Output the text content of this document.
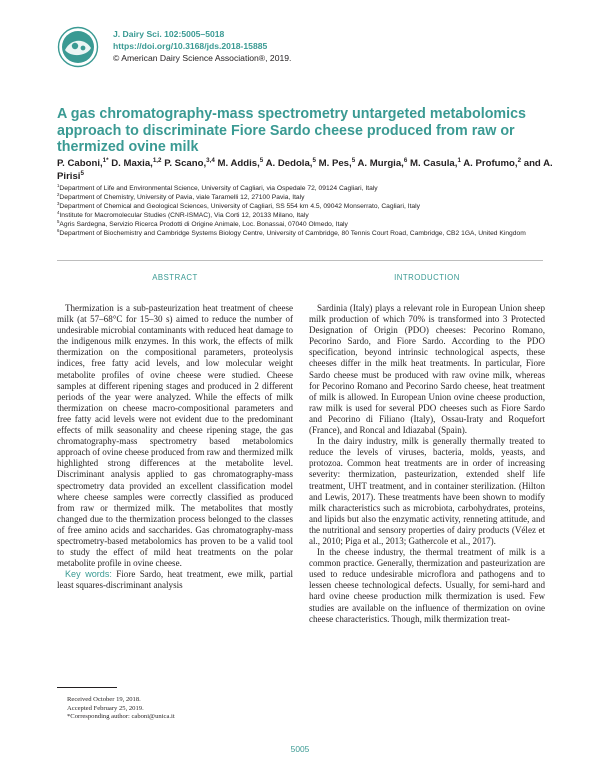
J. Dairy Sci. 102:5005–5018
https://doi.org/10.3168/jds.2018-15885
© American Dairy Science Association®, 2019.
A gas chromatography-mass spectrometry untargeted metabolomics approach to discriminate Fiore Sardo cheese produced from raw or thermized ovine milk
P. Caboni,$^{1*}$ D. Maxia,$^{1,2}$ P. Scano,$^{3,4}$ M. Addis,$^5$ A. Dedola,$^5$ M. Pes,$^5$ A. Murgia,$^6$ M. Casula,$^1$ A. Profumo,$^2$ and A. Pirisi$^5$

$^1$Department of Life and Environmental Science, University of Cagliari, via Ospedale 72, 09124 Cagliari, Italy

$^2$Department of Chemistry, University of Pavia, viale Taramelli 12, 27100 Pavia, Italy

$^3$Department of Chemical and Geological Sciences, University of Cagliari, SS 554 km 4.5, 09042 Monserrato, Cagliari, Italy

$^4$Institute for Macromolecular Studies (CNR-ISMAC), Via Corti 12, 20133 Milano, Italy

$^5$Agris Sardegna, Servizio Ricerca Prodotti di Origine Animale, Loc. Bonassai, 07040 Olmedo, Italy

$^6$Department of Biochemistry and Cambridge Systems Biology Centre, University of Cambridge, 80 Tennis Court Road, Cambridge, CB2 1GA, United Kingdom

ABSTRACT

Thermization is a sub-pasteurization heat treatment of cheese milk (at 57–68°C for 15–30 s) aimed to reduce the number of undesirable microbial contaminants with reduced heat damage to the indigenous milk enzymes. In this work, the effects of milk thermization on the compositional parameters, proteolysis indices, free fatty acid levels, and low molecular weight metabolite profiles of ovine cheese were studied. Cheese samples at different ripening stages and produced in 2 different periods of the year were analyzed. While the effects of milk thermization on cheese macro-compositional parameters and free fatty acid levels were not evident due to the predominant effects of milk seasonality and cheese ripening stage, the gas chromatography-mass spectrometry based metabolomics approach of ovine cheese produced from raw and thermized milk highlighted strong differences at the metabolite level. Discriminant analysis applied to gas chromatography-mass spectrometry data provided an excellent classification model where cheese samples were correctly classified as produced from raw or thermized milk. The metabolites that mostly changed due to the thermization process belonged to the classes of free amino acids and saccharides. Gas chromatography-mass spectrometry-based metabolomics has proven to be a valid tool to study the effect of mild heat treatments on the polar metabolite profile in ovine cheese.

Key words: Fiore Sardo, heat treatment, ewe milk, partial least squares-discriminant analysis

Received October 19, 2018.

Accepted February 25, 2019.

*Corresponding author: caboni@unica.it

INTRODUCTION

Sardinia (Italy) plays a relevant role in European Union sheep milk production of which 70% is transformed into 3 Protected Designation of Origin (PDO) cheeses: Pecorino Romano, Pecorino Sardo, and Fiore Sardo. According to the PDO specification, beyond intrinsic technological aspects, these cheeses differ in the milk heat treatments. In particular, Fiore Sardo cheese must be produced with raw ovine milk, whereas for Pecorino Romano and Pecorino Sardo cheese, heat treatment of milk is allowed. In European Union ovine cheese production, raw milk is used for several PDO cheeses such as Fiore Sardo and Pecorino di Filiano (Italy), Ossau-Iraty and Roquefort (France), and Roncal and Idiazabal (Spain).

In the dairy industry, milk is generally thermally treated to reduce the levels of viruses, bacteria, molds, yeasts, and protozoa. Common heat treatments are in order of increasing severity: thermization, pasteurization, extended shelf life treatment, UHT treatment, and in container sterilization. (Hilton and Lewis, 2017). These treatments have been shown to modify milk characteristics such as microbiota, carbohydrates, proteins, and lipids but also the enzymatic activity, renneting attitude, and the nutritional and sensory properties of dairy products (Vélez et al., 2010; Piga et al., 2013; Gathercole et al., 2017).

In the cheese industry, the thermal treatment of milk is a common practice. Generally, thermization and pasteurization are used to reduce undesirable microflora and pathogens and to lessen cheese technological defects. Usually, for semi-hard and hard ovine cheese production milk thermization is used. Few studies are available on the influence of thermization on ovine cheese characteristics. Though, milk thermization treat-

5005
